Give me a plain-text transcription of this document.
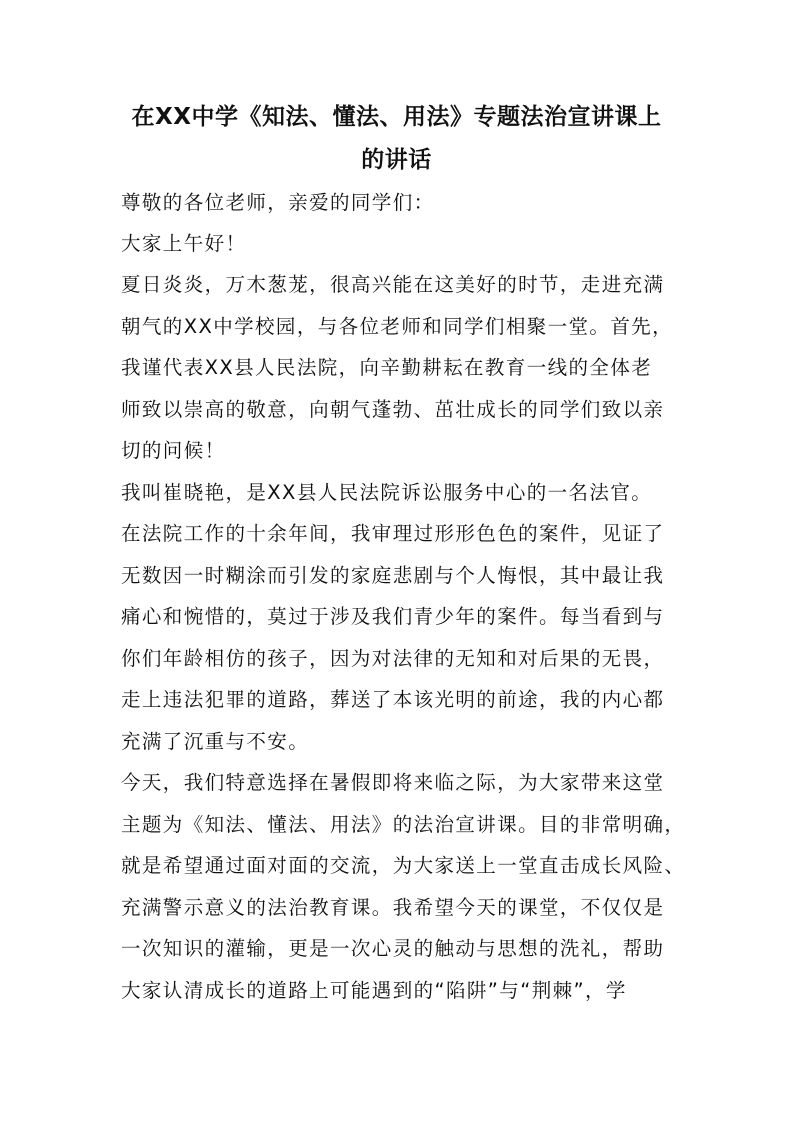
在XX中学《知法、懂法、用法》专题法治宣讲课上
的讲话
尊敬的各位老师，亲爱的同学们：
大家上午好！
夏日炎炎，万木葱茏，很高兴能在这美好的时节，走进充满
朝气的XX中学校园，与各位老师和同学们相聚一堂。首先，
我谨代表XX县人民法院，向辛勤耕耘在教育一线的全体老
师致以崇高的敬意，向朝气蓬勃、茁壮成长的同学们致以亲
切的问候！
我叫崔晓艳，是XX县人民法院诉讼服务中心的一名法官。
在法院工作的十余年间，我审理过形形色色的案件，见证了
无数因一时糊涂而引发的家庭悲剧与个人悔恨，其中最让我
痛心和惋惜的，莫过于涉及我们青少年的案件。每当看到与
你们年龄相仿的孩子，因为对法律的无知和对后果的无畏，
走上违法犯罪的道路，葬送了本该光明的前途，我的内心都
充满了沉重与不安。
今天，我们特意选择在暑假即将来临之际，为大家带来这堂
主题为《知法、懂法、用法》的法治宣讲课。目的非常明确，
就是希望通过面对面的交流，为大家送上一堂直击成长风险、
充满警示意义的法治教育课。我希望今天的课堂，不仅仅是
一次知识的灌输，更是一次心灵的触动与思想的洗礼，帮助
大家认清成长的道路上可能遇到的“陷阱”与“荆棘”，学
